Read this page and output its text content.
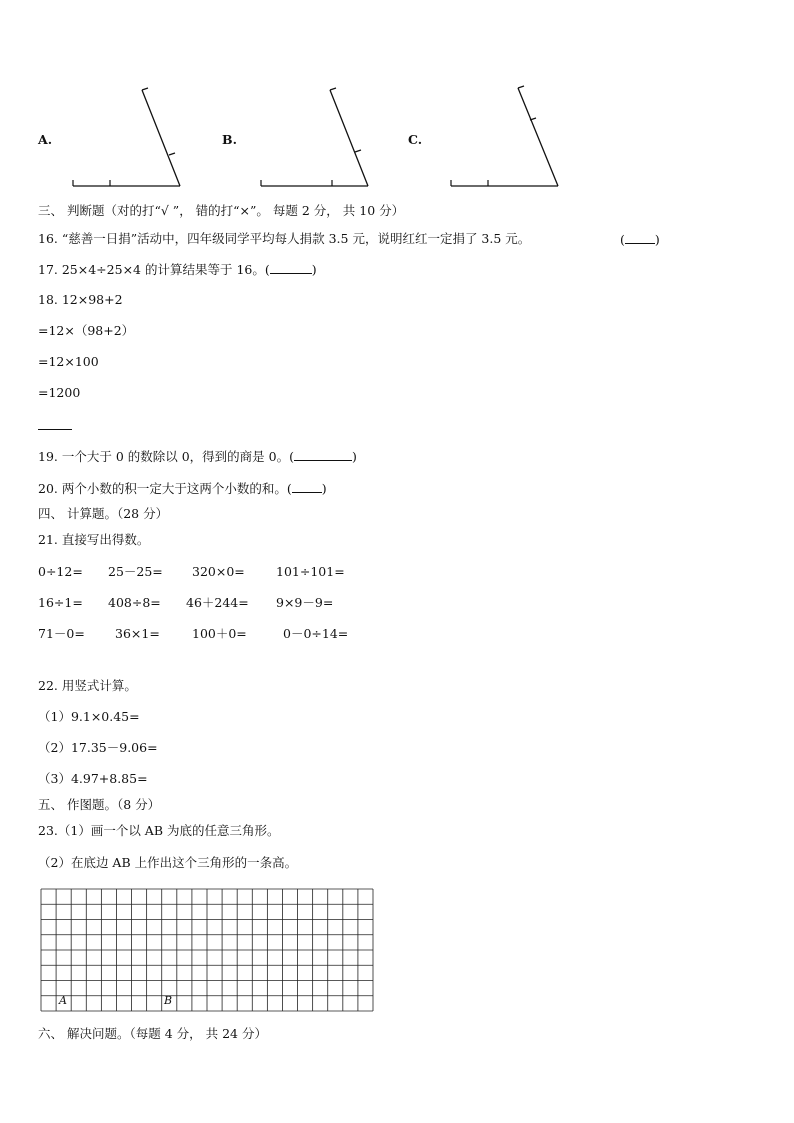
A.	B.	C.
三、 判断题（对的打“√ ”， 错的打“×”。 每题 2 分， 共 10 分）
16. “慈善一日捐”活动中，四年级同学平均每人捐款 3.5 元，说明红红一定捐了 3.5 元。	( )
17. 25×4÷25×4 的计算结果等于 16。(	)
18. 12×98+2
=12×（98+2）
=12×100
=1200
19. 一个大于 0 的数除以 0，得到的商是 0。(	)
20. 两个小数的积一定大于这两个小数的和。( )
四、 计算题。（28 分）
21. 直接写出得数。
0÷12= 25－25= 320×0= 101÷101=
16÷1= 408÷8= 46＋244= 9×9－9=
71－0= 36×1=	100＋0=	0－0÷14=
22. 用竖式计算。
（1）9.1×0.45=
（2）17.35－9.06=
（3）4.97+8.85=
五、 作图题。（8 分）
23.（1）画一个以 AB 为底的任意三角形。
（2）在底边 AB 上作出这个三角形的一条高。
A	B
六、 解决问题。（每题 4 分， 共 24 分）
